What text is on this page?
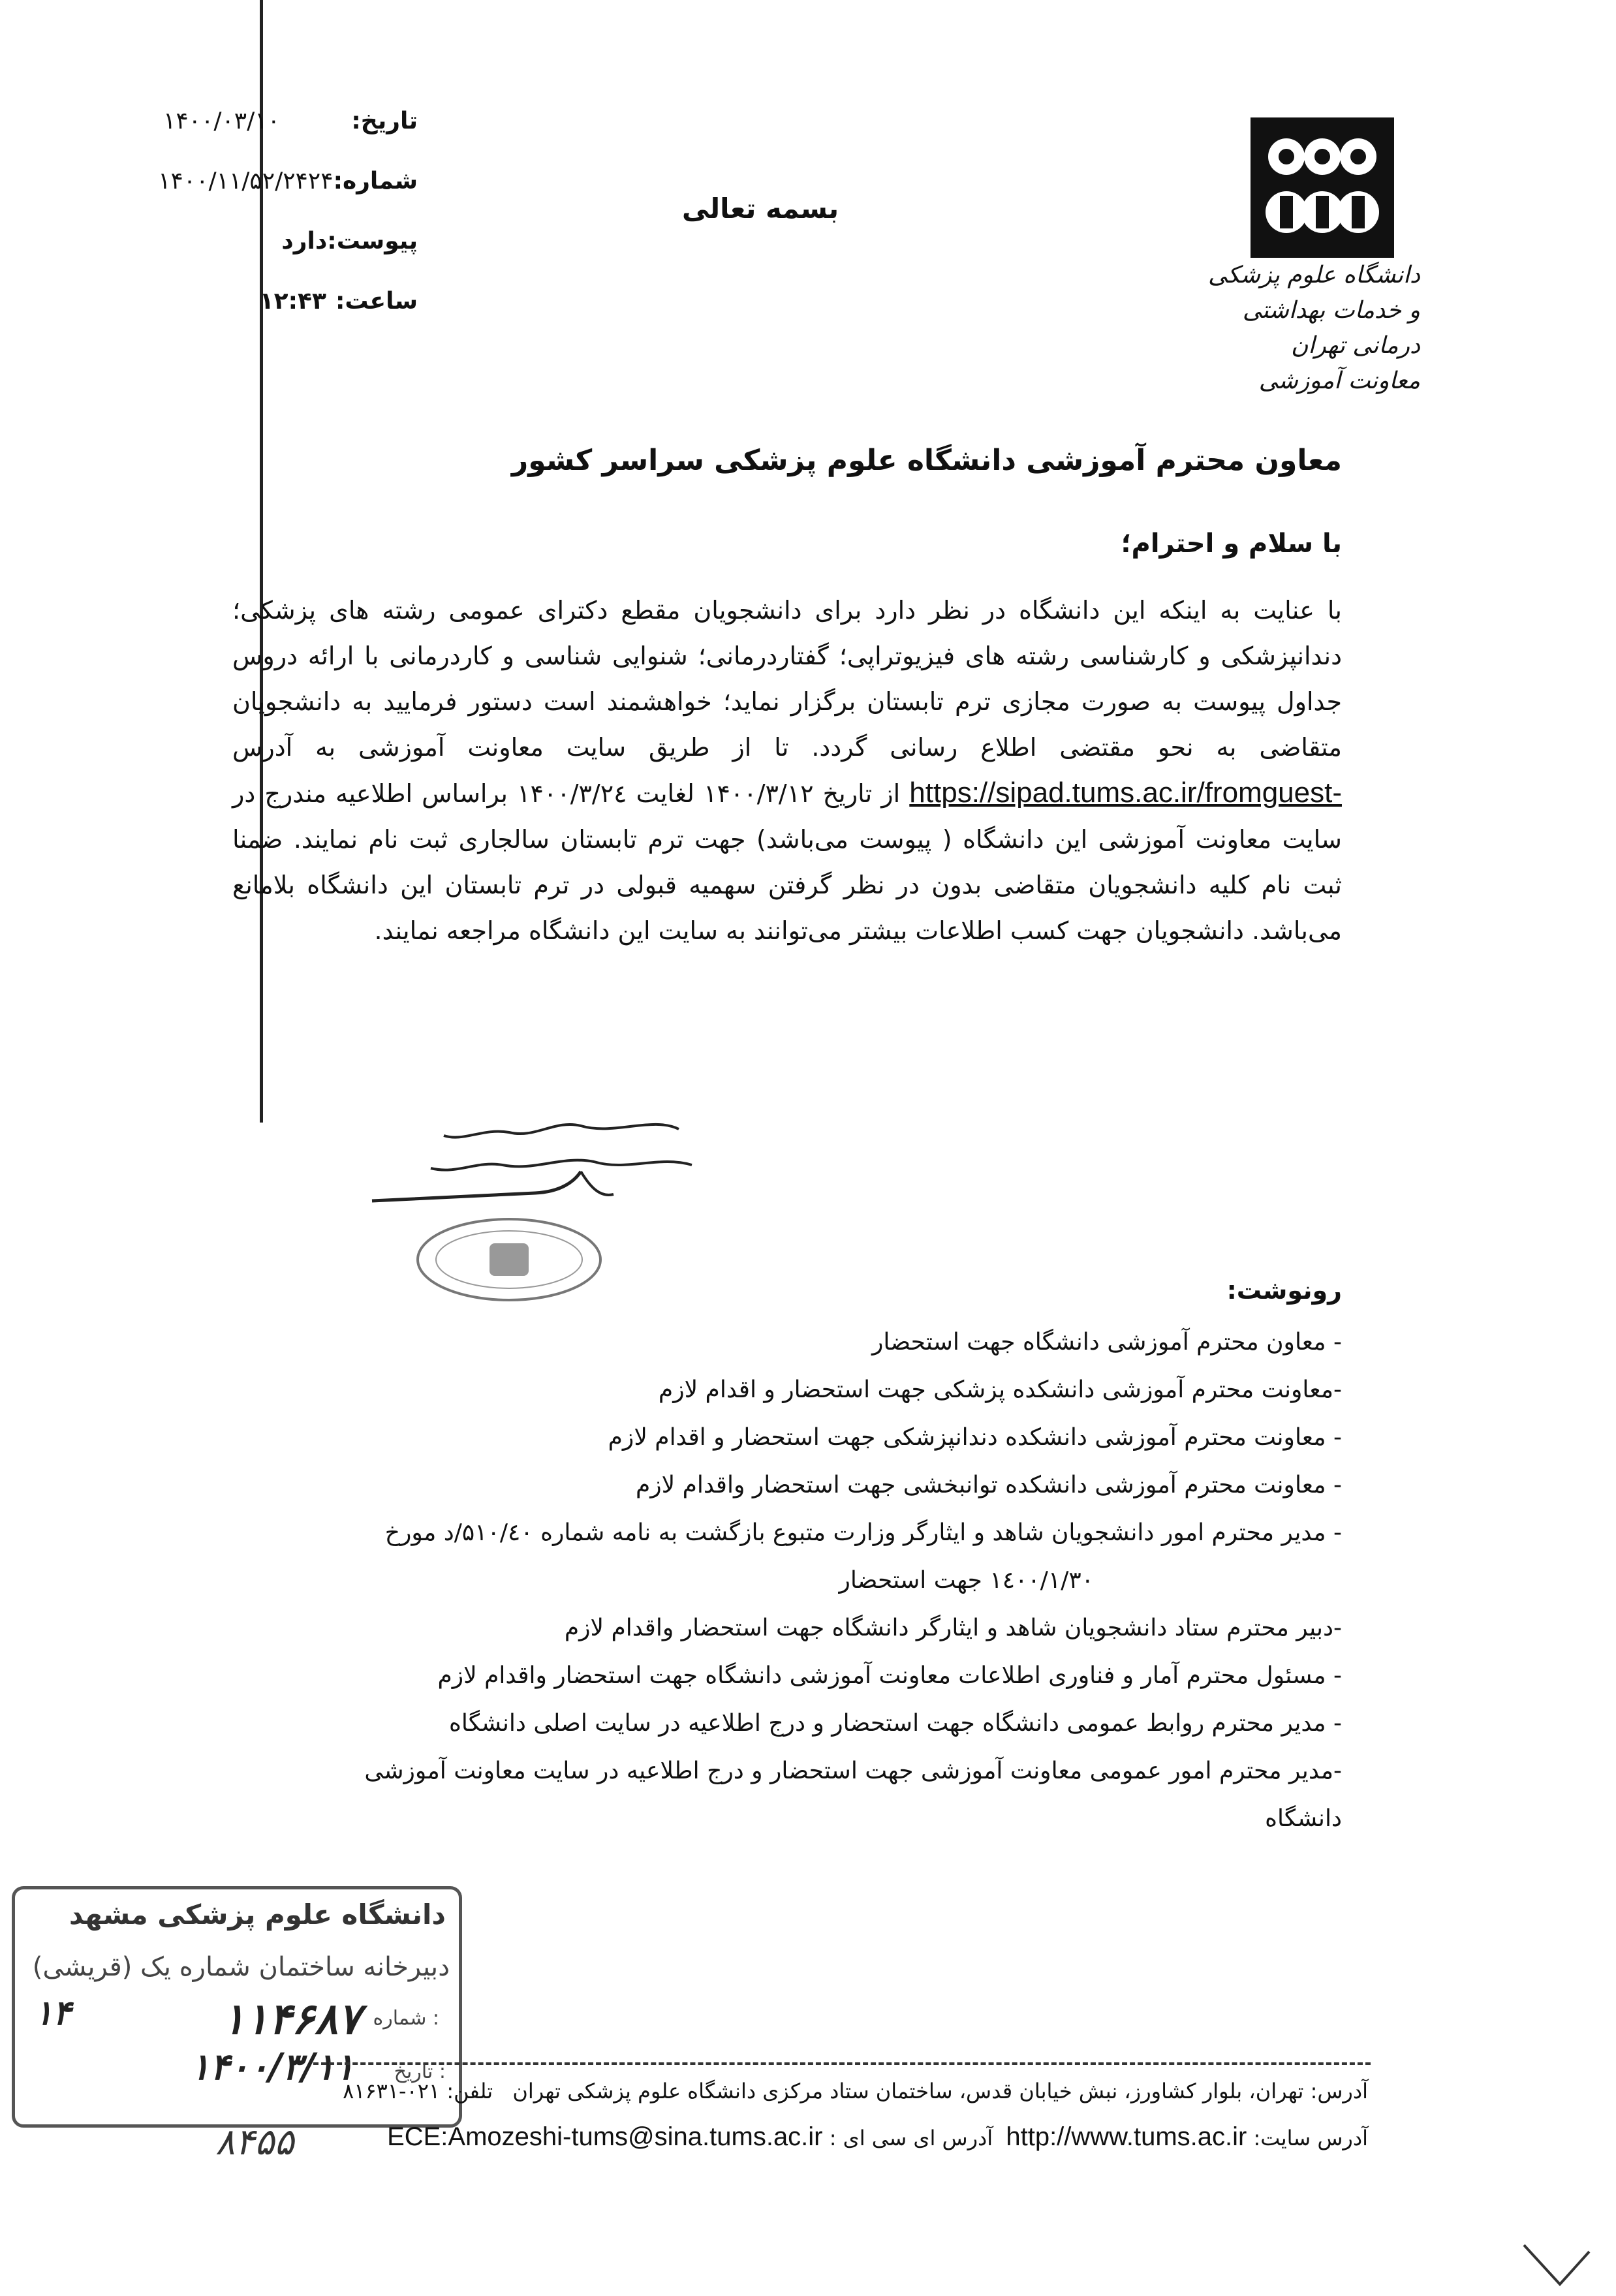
دانشگاه علوم پزشکی
و خدمات بهداشتی درمانی تهران
معاونت آموزشی
تاریخ:
۱۴۰۰/۰۳/۱۰
شماره:
۱۴۰۰/۱۱/۵۲/۲۴۲۴
پیوست:
دارد
ساعت:
۱۲:۴۳
بسمه تعالی
معاون محترم آموزشی دانشگاه علوم پزشکی سراسر کشور
با سلام و احترام؛

با عنایت به اینکه این دانشگاه در نظر دارد برای دانشجویان مقطع دکترای عمومی رشته های پزشکی؛ دندانپزشکی و کارشناسی رشته های فیزیوتراپی؛ گفتاردرمانی؛ شنوایی شناسی و کاردرمانی با ارائه دروس جداول پیوست به صورت مجازی ترم تابستان برگزار نماید؛ خواهشمند است دستور فرمایید به دانشجویان متقاضی به نحو مقتضی اطلاع رسانی گردد. تا از طریق سایت معاونت آموزشی به آدرس https://sipad.tums.ac.ir/fromguest- از تاریخ ۱۴۰۰/۳/۱۲ لغایت ۱۴۰۰/۳/۲٤ براساس اطلاعیه مندرج در سایت معاونت آموزشی این دانشگاه ( پیوست می‌باشد) جهت ترم تابستان سالجاری ثبت نام نمایند. ضمنا ثبت نام کلیه دانشجویان متقاضی بدون در نظر گرفتن سهمیه قبولی در ترم تابستان این دانشگاه بلامانع می‌باشد. دانشجویان جهت کسب اطلاعات بیشتر می‌توانند به سایت این دانشگاه مراجعه نمایند.

رونوشت:
- معاون محترم آموزشی دانشگاه جهت استحضار
-معاونت محترم آموزشی دانشکده پزشکی جهت استحضار و اقدام لازم
- معاونت محترم آموزشی دانشکده دندانپزشکی جهت استحضار و اقدام لازم
- معاونت محترم آموزشی دانشکده توانبخشی جهت استحضار واقدام لازم
- مدیر محترم امور دانشجویان شاهد و ایثارگر وزارت متبوع بازگشت به نامه شماره ۵۱۰/٤۰/د مورخ
۱٤۰۰/۱/۳۰ جهت استحضار
-دبیر محترم ستاد دانشجویان شاهد و ایثارگر دانشگاه جهت استحضار واقدام لازم
- مسئول محترم آمار و فناوری اطلاعات معاونت آموزشی دانشگاه جهت استحضار واقدام لازم
- مدیر محترم روابط عمومی دانشگاه جهت استحضار و درج اطلاعیه در سایت اصلی دانشگاه
-مدیر محترم امور عمومی معاونت آموزشی جهت استحضار و درج اطلاعیه در سایت معاونت آموزشی
دانشگاه
دانشگاه علوم پزشکی مشهد
دبیرخانه ساختمان شماره یک (قریشی)
شماره :
۱۱۴۶۸۷
۱۴
تاریخ :
۱۴۰۰/۳/۱۱
۸۴۵۵
آدرس: تهران، بلوار کشاورز، نبش خیابان قدس، ساختمان ستاد مرکزی دانشگاه علوم پزشکی تهران تلفن: ۰۲۱-۸۱۶۳۱
آدرس سایت: http://www.tums.ac.ir آدرس ای سی ای : ECE:Amozeshi-tums@sina.tums.ac.ir
